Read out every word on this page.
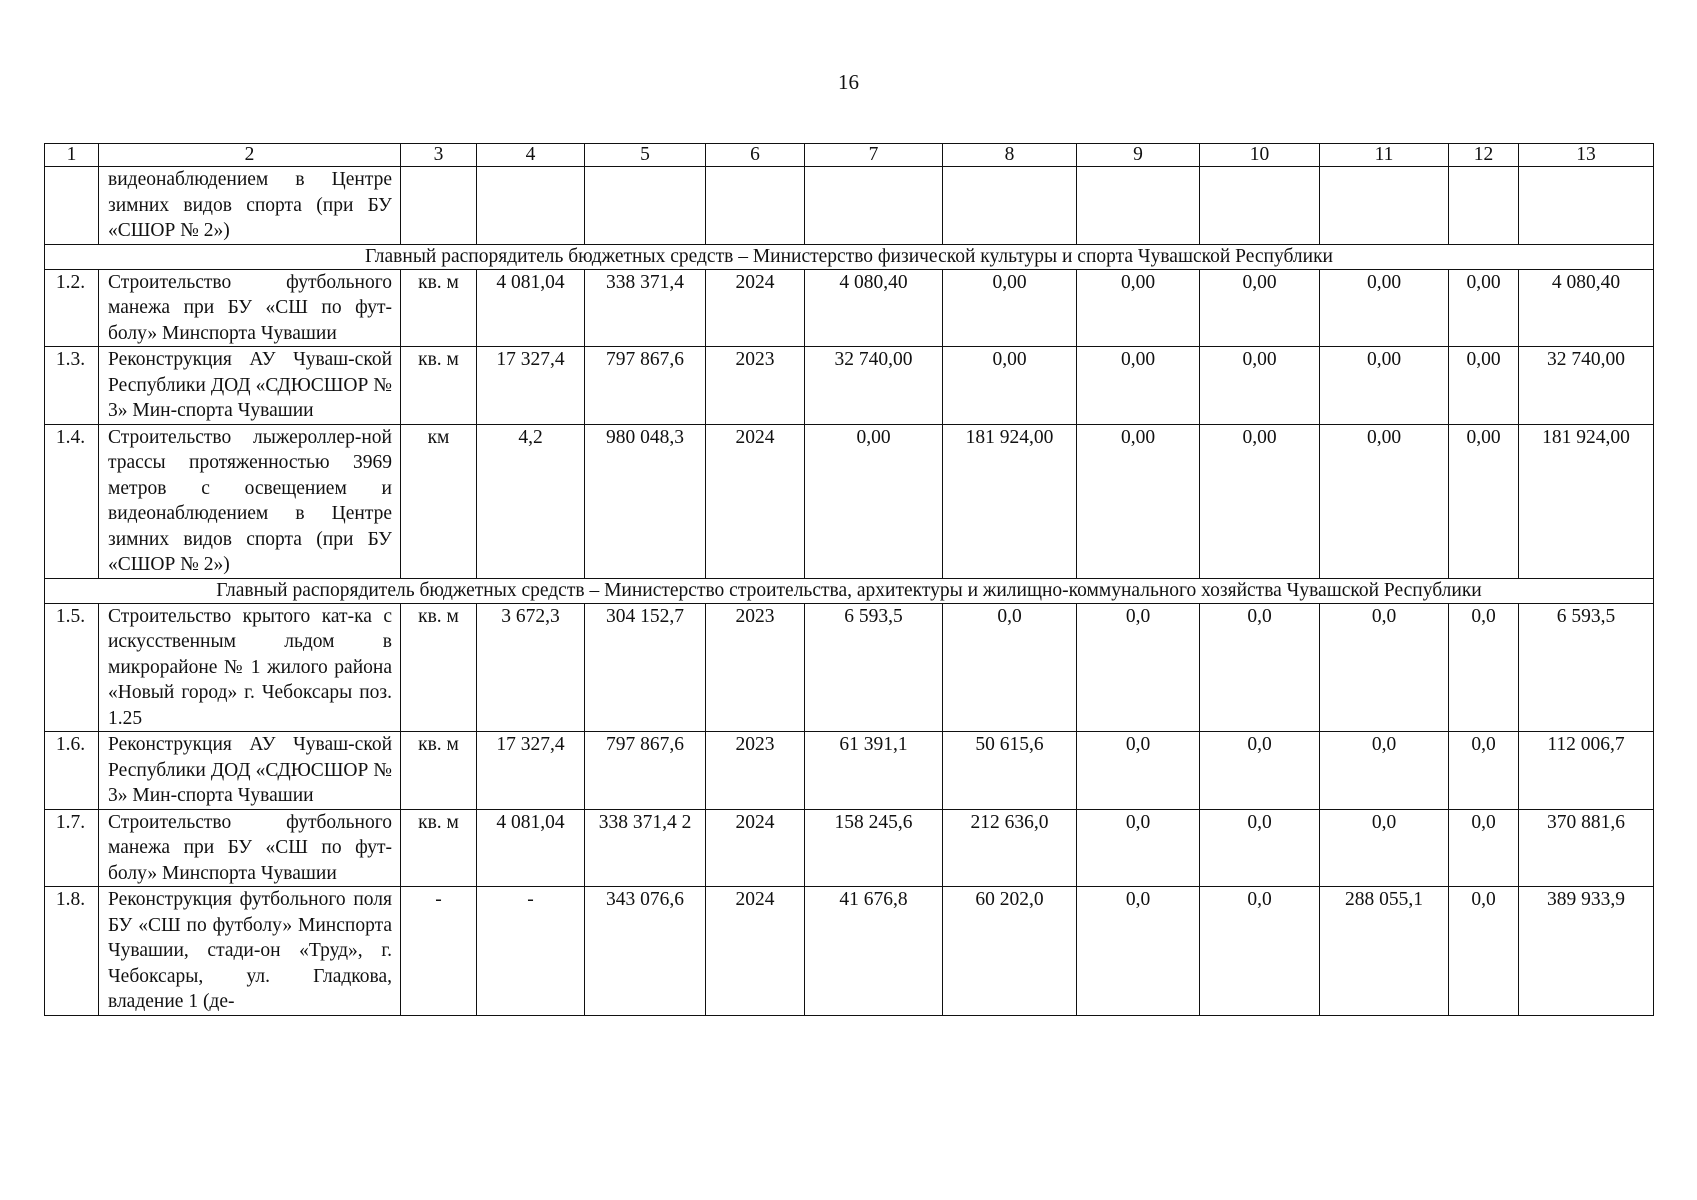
16
1	2	3	4	5	6	7	8	9	10	11	12	13
	видеонаблюдением в Центре зимних видов спорта (при БУ «СШОР № 2»)											
Главный распорядитель бюджетных средств – Министерство физической культуры и спорта Чувашской Республики												
1.2.	Строительство футбольного манежа при БУ «СШ по фут-болу» Минспорта Чувашии	кв. м	4 081,04	338 371,4	2024	4 080,40	0,00	0,00	0,00	0,00	0,00	4 080,40
1.3.	Реконструкция АУ Чуваш-ской Республики ДОД «СДЮСШОР № 3» Мин-спорта Чувашии	кв. м	17 327,4	797 867,6	2023	32 740,00	0,00	0,00	0,00	0,00	0,00	32 740,00
1.4.	Строительство лыжероллер-ной трассы протяженностью 3969 метров с освещением и видеонаблюдением в Центре зимних видов спорта (при БУ «СШОР № 2»)	км	4,2	980 048,3	2024	0,00	181 924,00	0,00	0,00	0,00	0,00	181 924,00
Главный распорядитель бюджетных средств – Министерство строительства, архитектуры и жилищно-коммунального хозяйства Чувашской Республики												
1.5.	Строительство крытого кат-ка с искусственным льдом в микрорайоне № 1 жилого района «Новый город» г. Чебоксары поз. 1.25	кв. м	3 672,3	304 152,7	2023	6 593,5	0,0	0,0	0,0	0,0	0,0	6 593,5
1.6.	Реконструкция АУ Чуваш-ской Республики ДОД «СДЮСШОР № 3» Мин-спорта Чувашии	кв. м	17 327,4	797 867,6	2023	61 391,1	50 615,6	0,0	0,0	0,0	0,0	112 006,7
1.7.	Строительство футбольного манежа при БУ «СШ по фут-болу» Минспорта Чувашии	кв. м	4 081,04	338 371,4 2	2024	158 245,6	212 636,0	0,0	0,0	0,0	0,0	370 881,6
1.8.	Реконструкция футбольного поля БУ «СШ по футболу» Минспорта Чувашии, стади-он «Труд», г. Чебоксары, ул. Гладкова, владение 1 (де-	-	-	343 076,6	2024	41 676,8	60 202,0	0,0	0,0	288 055,1	0,0	389 933,9
